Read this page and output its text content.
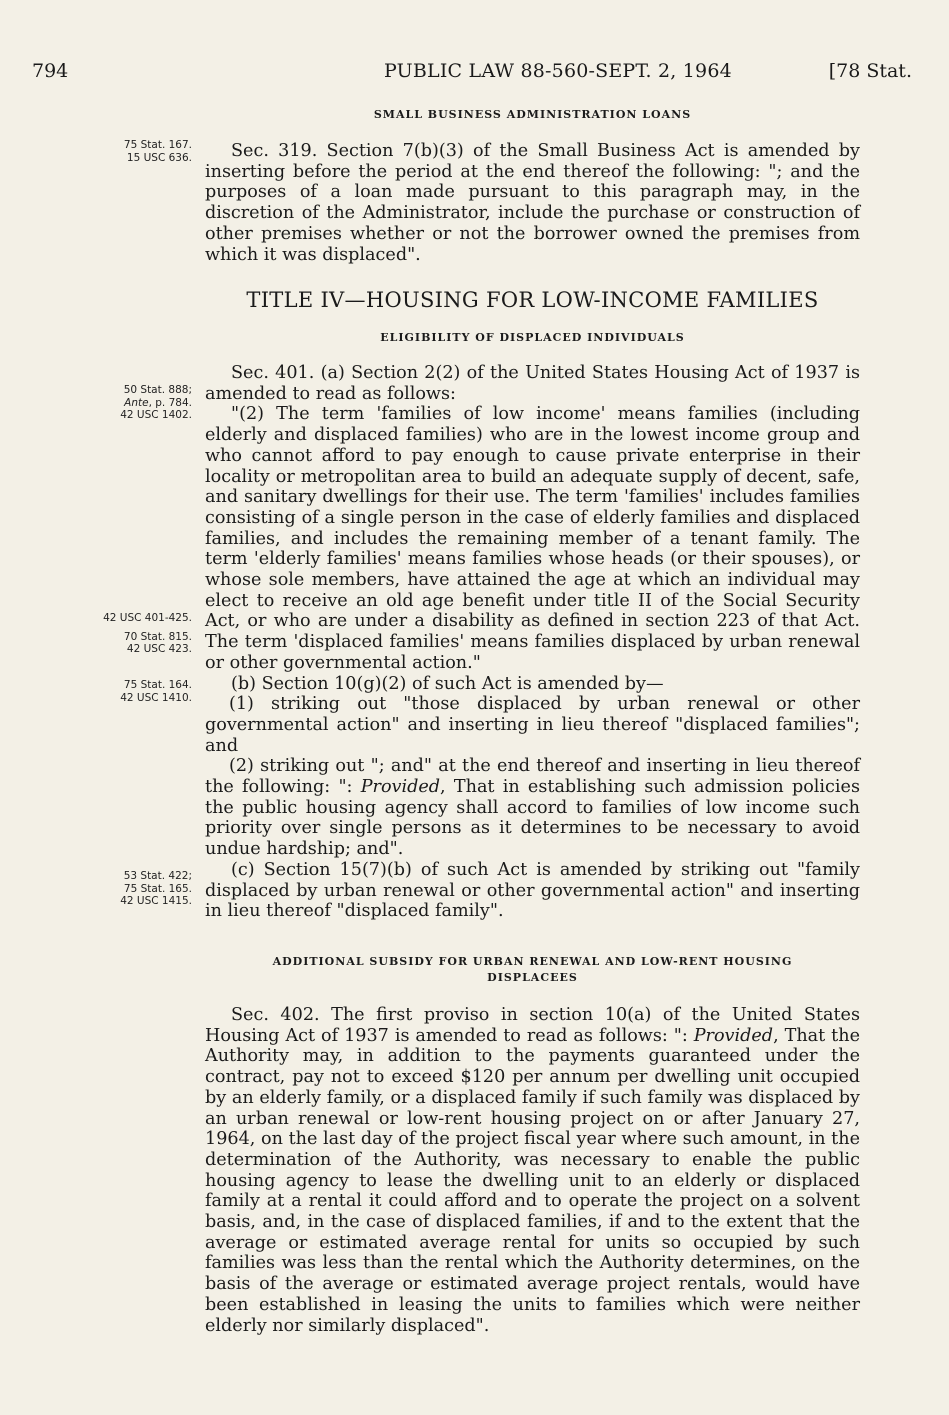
794	PUBLIC LAW 88-560-SEPT. 2, 1964	[78 Stat.
75 Stat. 167.
15 USC 636.
50 Stat. 888;
Ante, p. 784.
42 USC 1402.
42 USC 401-425.
70 Stat. 815.
42 USC 423.
75 Stat. 164.
42 USC 1410.
53 Stat. 422;
75 Stat. 165.
42 USC 1415.
SMALL BUSINESS ADMINISTRATION LOANS

Sec. 319. Section 7(b)(3) of the Small Business Act is amended by inserting before the period at the end thereof the following: "; and the purposes of a loan made pursuant to this paragraph may, in the discretion of the Administrator, include the purchase or construction of other premises whether or not the borrower owned the premises from which it was displaced".

TITLE IV—HOUSING FOR LOW-INCOME FAMILIES
ELIGIBILITY OF DISPLACED INDIVIDUALS

Sec. 401. (a) Section 2(2) of the United States Housing Act of 1937 is amended to read as follows:

"(2) The term 'families of low income' means families (including elderly and displaced families) who are in the lowest income group and who cannot afford to pay enough to cause private enterprise in their locality or metropolitan area to build an adequate supply of decent, safe, and sanitary dwellings for their use. The term 'families' includes families consisting of a single person in the case of elderly families and displaced families, and includes the remaining member of a tenant family. The term 'elderly families' means families whose heads (or their spouses), or whose sole members, have attained the age at which an individual may elect to receive an old age benefit under title II of the Social Security Act, or who are under a disability as defined in section 223 of that Act. The term 'displaced families' means families displaced by urban renewal or other governmental action."

(b) Section 10(g)(2) of such Act is amended by—

(1) striking out "those displaced by urban renewal or other governmental action" and inserting in lieu thereof "displaced families"; and

(2) striking out "; and" at the end thereof and inserting in lieu thereof the following: ": Provided, That in establishing such admission policies the public housing agency shall accord to families of low income such priority over single persons as it determines to be necessary to avoid undue hardship; and".

(c) Section 15(7)(b) of such Act is amended by striking out "family displaced by urban renewal or other governmental action" and inserting in lieu thereof "displaced family".

ADDITIONAL SUBSIDY FOR URBAN RENEWAL AND LOW-RENT HOUSING
DISPLACEES

Sec. 402. The first proviso in section 10(a) of the United States Housing Act of 1937 is amended to read as follows: ": Provided, That the Authority may, in addition to the payments guaranteed under the contract, pay not to exceed $120 per annum per dwelling unit occupied by an elderly family, or a displaced family if such family was displaced by an urban renewal or low-rent housing project on or after January 27, 1964, on the last day of the project fiscal year where such amount, in the determination of the Authority, was necessary to enable the public housing agency to lease the dwelling unit to an elderly or displaced family at a rental it could afford and to operate the project on a solvent basis, and, in the case of displaced families, if and to the extent that the average or estimated average rental for units so occupied by such families was less than the rental which the Authority determines, on the basis of the average or estimated average project rentals, would have been established in leasing the units to families which were neither elderly nor similarly displaced".
